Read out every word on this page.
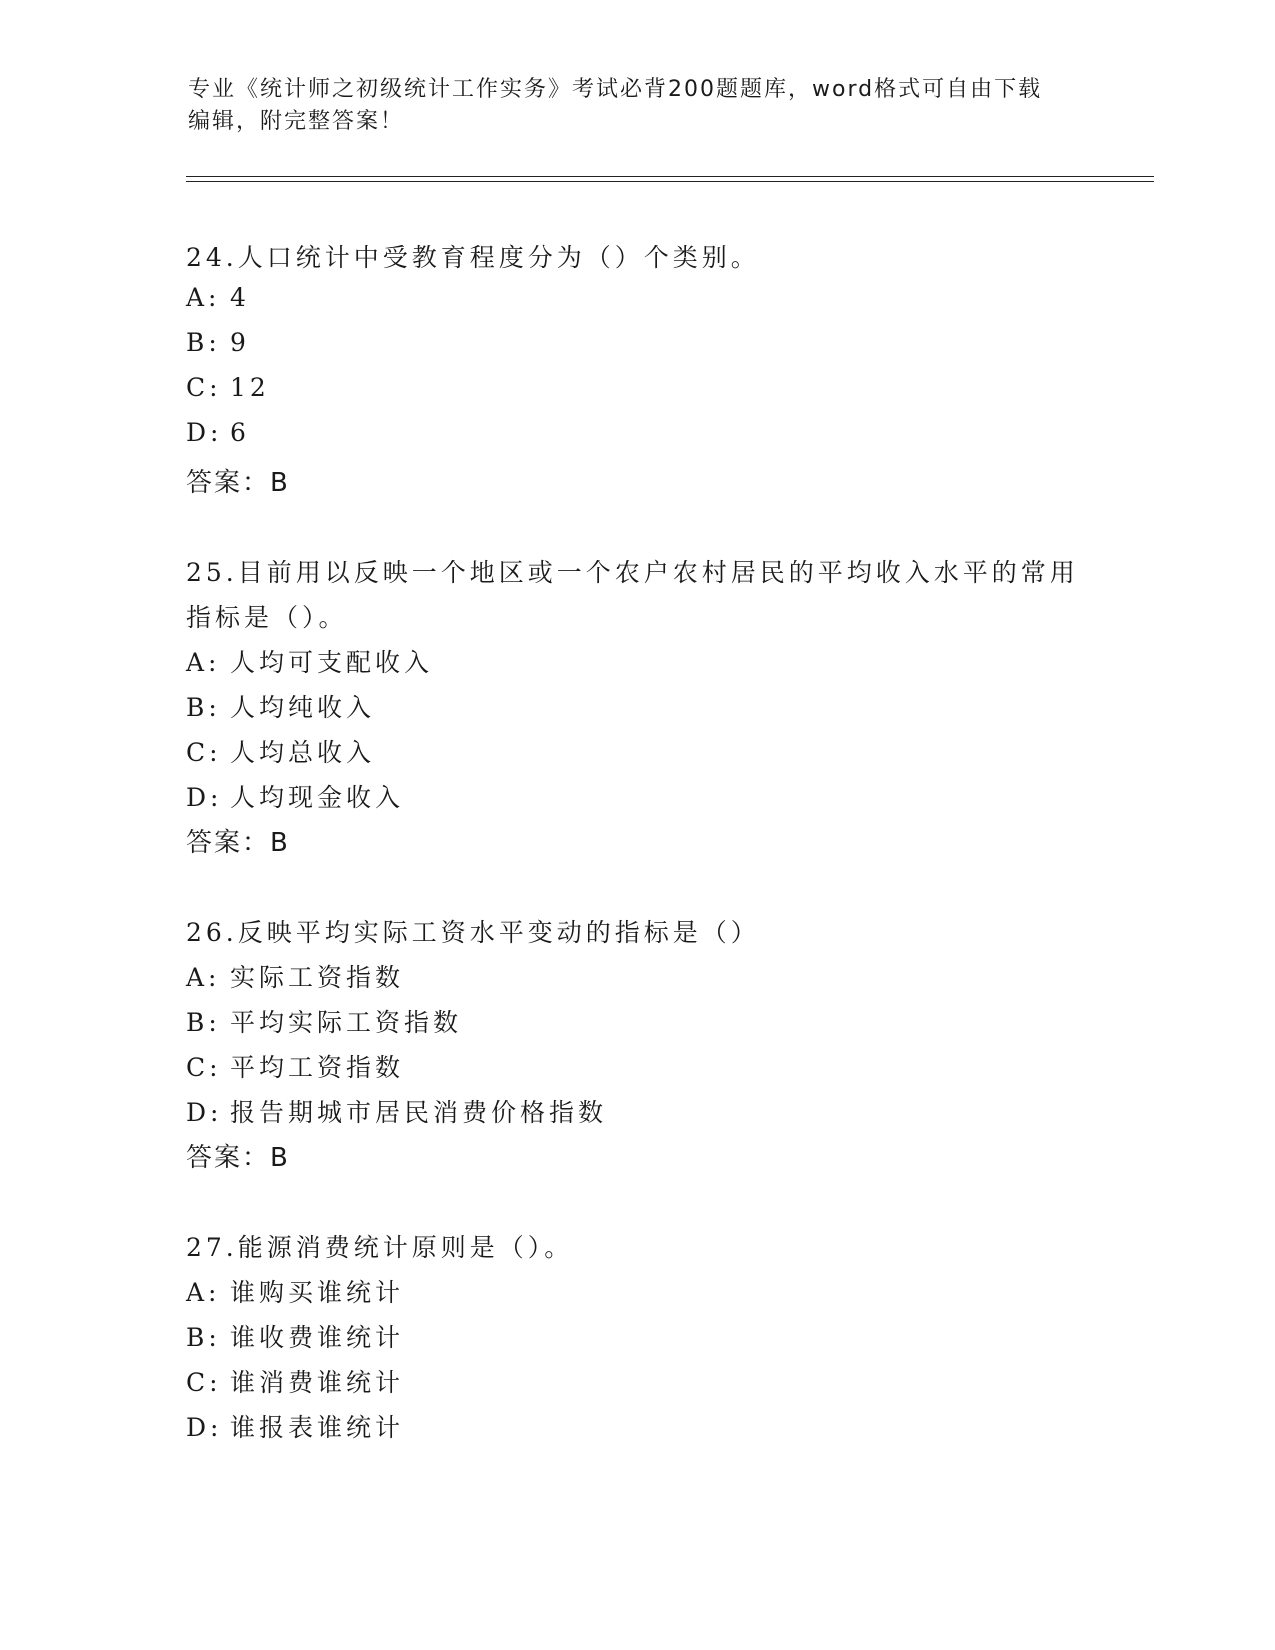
专业《统计师之初级统计工作实务》考试必背200题题库，word格式可自由下载
编辑，附完整答案！
24.人口统计中受教育程度分为（）个类别。
A: 4
B: 9
C: 12
D: 6
答案：B
25.目前用以反映一个地区或一个农户农村居民的平均收入水平的常用
指标是（）。
A: 人均可支配收入
B: 人均纯收入
C: 人均总收入
D: 人均现金收入
答案：B
26.反映平均实际工资水平变动的指标是（）
A: 实际工资指数
B: 平均实际工资指数
C: 平均工资指数
D: 报告期城市居民消费价格指数
答案：B
27.能源消费统计原则是（）。
A: 谁购买谁统计
B: 谁收费谁统计
C: 谁消费谁统计
D: 谁报表谁统计
